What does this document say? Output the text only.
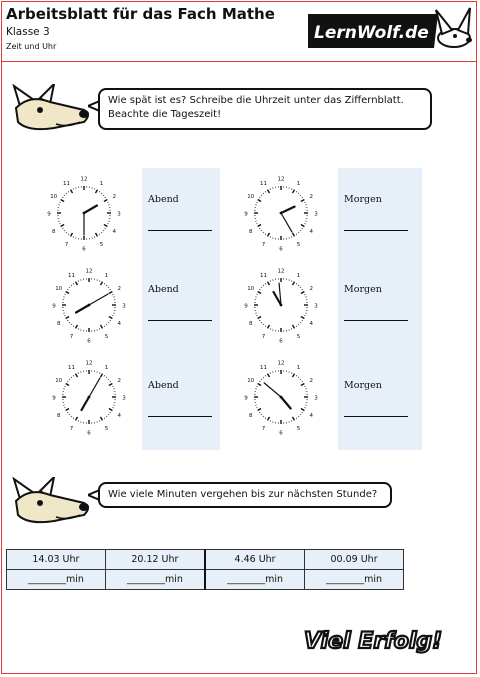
Arbeitsblatt für das Fach Mathe
Klasse 3
Zeit und Uhr
LernWolf.de
Wie spät ist es? Schreibe die Uhrzeit unter das Ziffernblatt. Beachte die Tageszeit!
12
1
2
3
4
5
6
7
8
9
10
11
12
1
2
3
4
5
6
7
8
9
10
11
12
1
2
3
4
5
6
7
8
9
10
11
12
1
2
3
4
5
6
7
8
9
10
11
12
1
2
3
4
5
6
7
8
9
10
11
12
1
2
3
4
5
6
7
8
9
10
11
Abend
Abend
Abend
Morgen
Morgen
Morgen
Wie viele Minuten vergehen bis zur nächsten Stunde?
14.03 Uhr	20.12 Uhr	4.46 Uhr	00.09 Uhr
________min	________min	________min	________min
Viel Erfolg!
